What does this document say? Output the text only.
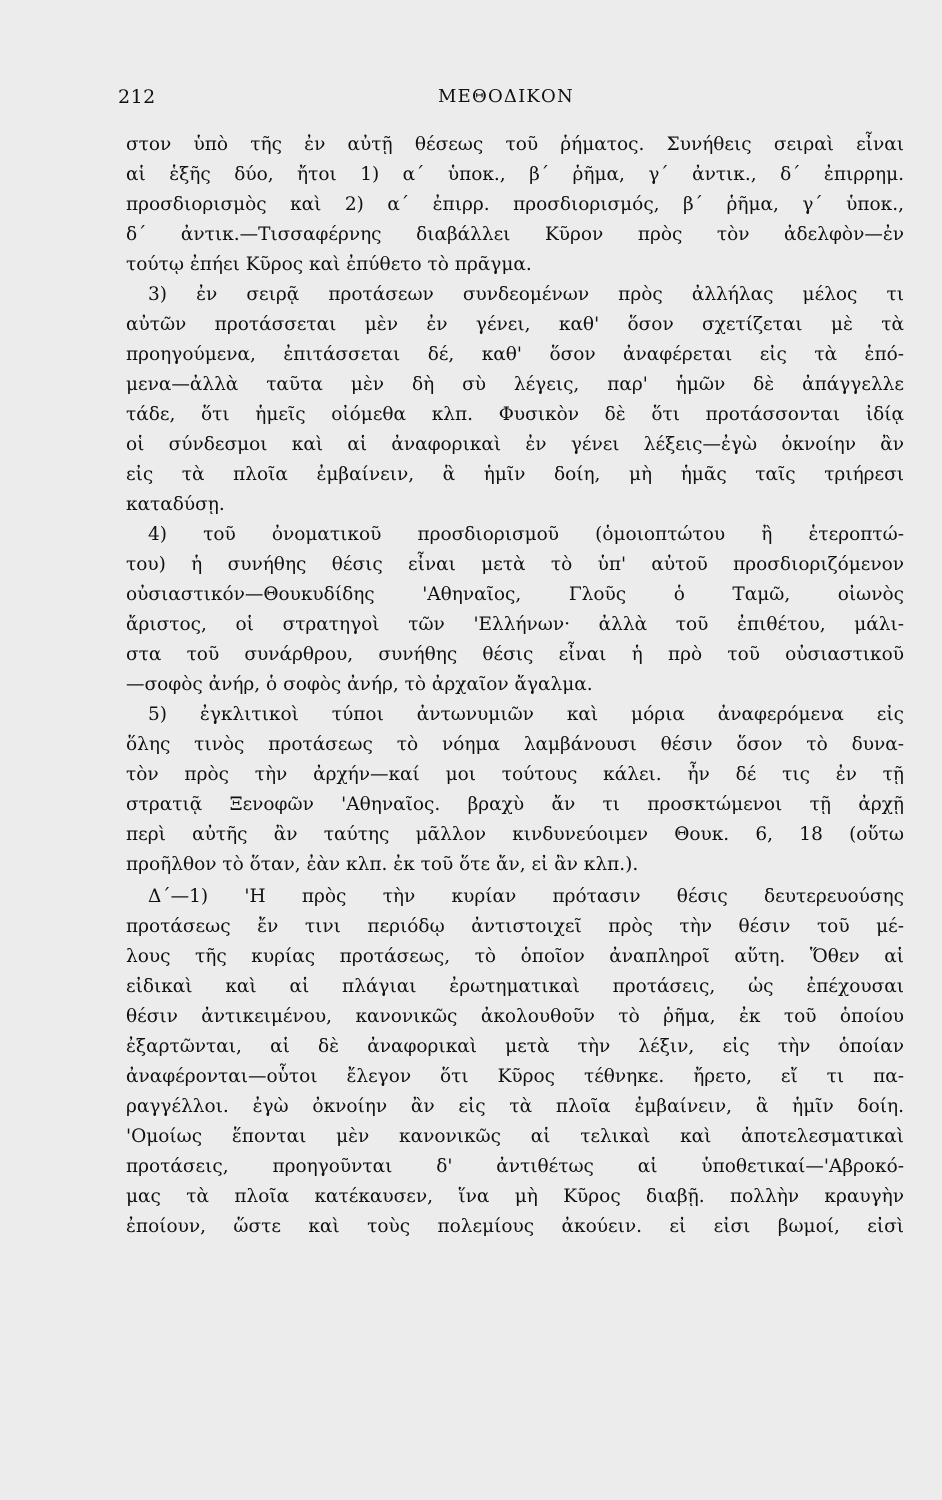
212	ΜΕΘΟΔΙΚΟΝ
στον ὑπὸ τῆς ἐν αὐτῇ θέσεως τοῦ ῥήματος. Συνήθεις σειραὶ εἶναι
αἱ ἑξῆς δύο, ἤτοι 1) α΄ ὑποκ., β΄ ῥῆμα, γ΄ ἀντικ., δ΄ ἐπιρρημ.
προσδιορισμὸς καὶ 2) α΄ ἐπιρρ. προσδιορισμός, β΄ ῥῆμα, γ΄ ὑποκ.,
δ΄ ἀντικ.—Τισσαφέρνης διαβάλλει Κῦρον πρὸς τὸν ἀδελφὸν—ἐν
τούτῳ ἐπήει Κῦρος καὶ ἐπύθετο τὸ πρᾶγμα.
3) ἐν σειρᾷ προτάσεων συνδεομένων πρὸς ἀλλήλας μέλος τι
αὐτῶν προτάσσεται μὲν ἐν γένει, καθ' ὅσον σχετίζεται μὲ τὰ
προηγούμενα, ἐπιτάσσεται δέ, καθ' ὅσον ἀναφέρεται εἰς τὰ ἑπό-
μενα—ἀλλὰ ταῦτα μὲν δὴ σὺ λέγεις, παρ' ἡμῶν δὲ ἀπάγγελλε
τάδε, ὅτι ἡμεῖς οἰόμεθα κλπ. Φυσικὸν δὲ ὅτι προτάσσονται ἰδίᾳ
οἱ σύνδεσμοι καὶ αἱ ἀναφορικαὶ ἐν γένει λέξεις—ἐγὼ ὀκνοίην ἂν
εἰς τὰ πλοῖα ἐμβαίνειν, ἃ ἡμῖν δοίη, μὴ ἡμᾶς ταῖς τριήρεσι
καταδύσῃ.
4) τοῦ ὀνοματικοῦ προσδιορισμοῦ (ὁμοιοπτώτου ἢ ἑτεροπτώ-
του) ἡ συνήθης θέσις εἶναι μετὰ τὸ ὑπ' αὐτοῦ προσδιοριζόμενον
οὐσιαστικόν—Θουκυδίδης 'Αθηναῖος, Γλοῦς ὁ Ταμῶ, οἰωνὸς
ἄριστος, οἱ στρατηγοὶ τῶν 'Ελλήνων· ἀλλὰ τοῦ ἐπιθέτου, μάλι-
στα τοῦ συνάρθρου, συνήθης θέσις εἶναι ἡ πρὸ τοῦ οὐσιαστικοῦ
—σοφὸς ἀνήρ, ὁ σοφὸς ἀνήρ, τὸ ἀρχαῖον ἄγαλμα.
5) ἐγκλιτικοὶ τύποι ἀντωνυμιῶν καὶ μόρια ἀναφερόμενα εἰς
ὅλης τινὸς προτάσεως τὸ νόημα λαμβάνουσι θέσιν ὅσον τὸ δυνα-
τὸν πρὸς τὴν ἀρχήν—καί μοι τούτους κάλει. ἦν δέ τις ἐν τῇ
στρατιᾷ Ξενοφῶν 'Αθηναῖος. βραχὺ ἄν τι προσκτώμενοι τῇ ἀρχῇ
περὶ αὐτῆς ἂν ταύτης μᾶλλον κινδυνεύοιμεν Θουκ. 6, 18 (οὕτω
προῆλθον τὸ ὅταν, ἐὰν κλπ. ἐκ τοῦ ὅτε ἄν, εἰ ἂν κλπ.).
Δ΄—1) 'Η πρὸς τὴν κυρίαν πρότασιν θέσις δευτερευούσης
προτάσεως ἔν τινι περιόδῳ ἀντιστοιχεῖ πρὸς τὴν θέσιν τοῦ μέ-
λους τῆς κυρίας προτάσεως, τὸ ὁποῖον ἀναπληροῖ αὕτη. Ὅθεν αἱ
εἰδικαὶ καὶ αἱ πλάγιαι ἐρωτηματικαὶ προτάσεις, ὡς ἐπέχουσαι
θέσιν ἀντικειμένου, κανονικῶς ἀκολουθοῦν τὸ ῥῆμα, ἐκ τοῦ ὁποίου
ἐξαρτῶνται, αἱ δὲ ἀναφορικαὶ μετὰ τὴν λέξιν, εἰς τὴν ὁποίαν
ἀναφέρονται—οὗτοι ἔλεγον ὅτι Κῦρος τέθνηκε. ἤρετο, εἴ τι πα-
ραγγέλλοι. ἐγὼ ὀκνοίην ἂν εἰς τὰ πλοῖα ἐμβαίνειν, ἃ ἡμῖν δοίη.
'Ομοίως ἕπονται μὲν κανονικῶς αἱ τελικαὶ καὶ ἀποτελεσματικαὶ
προτάσεις, προηγοῦνται δ' ἀντιθέτως αἱ ὑποθετικαί—'Αβροκό-
μας τὰ πλοῖα κατέκαυσεν, ἵνα μὴ Κῦρος διαβῇ. πολλὴν κραυγὴν
ἐποίουν, ὥστε καὶ τοὺς πολεμίους ἀκούειν. εἰ εἰσι βωμοί, εἰσὶ
